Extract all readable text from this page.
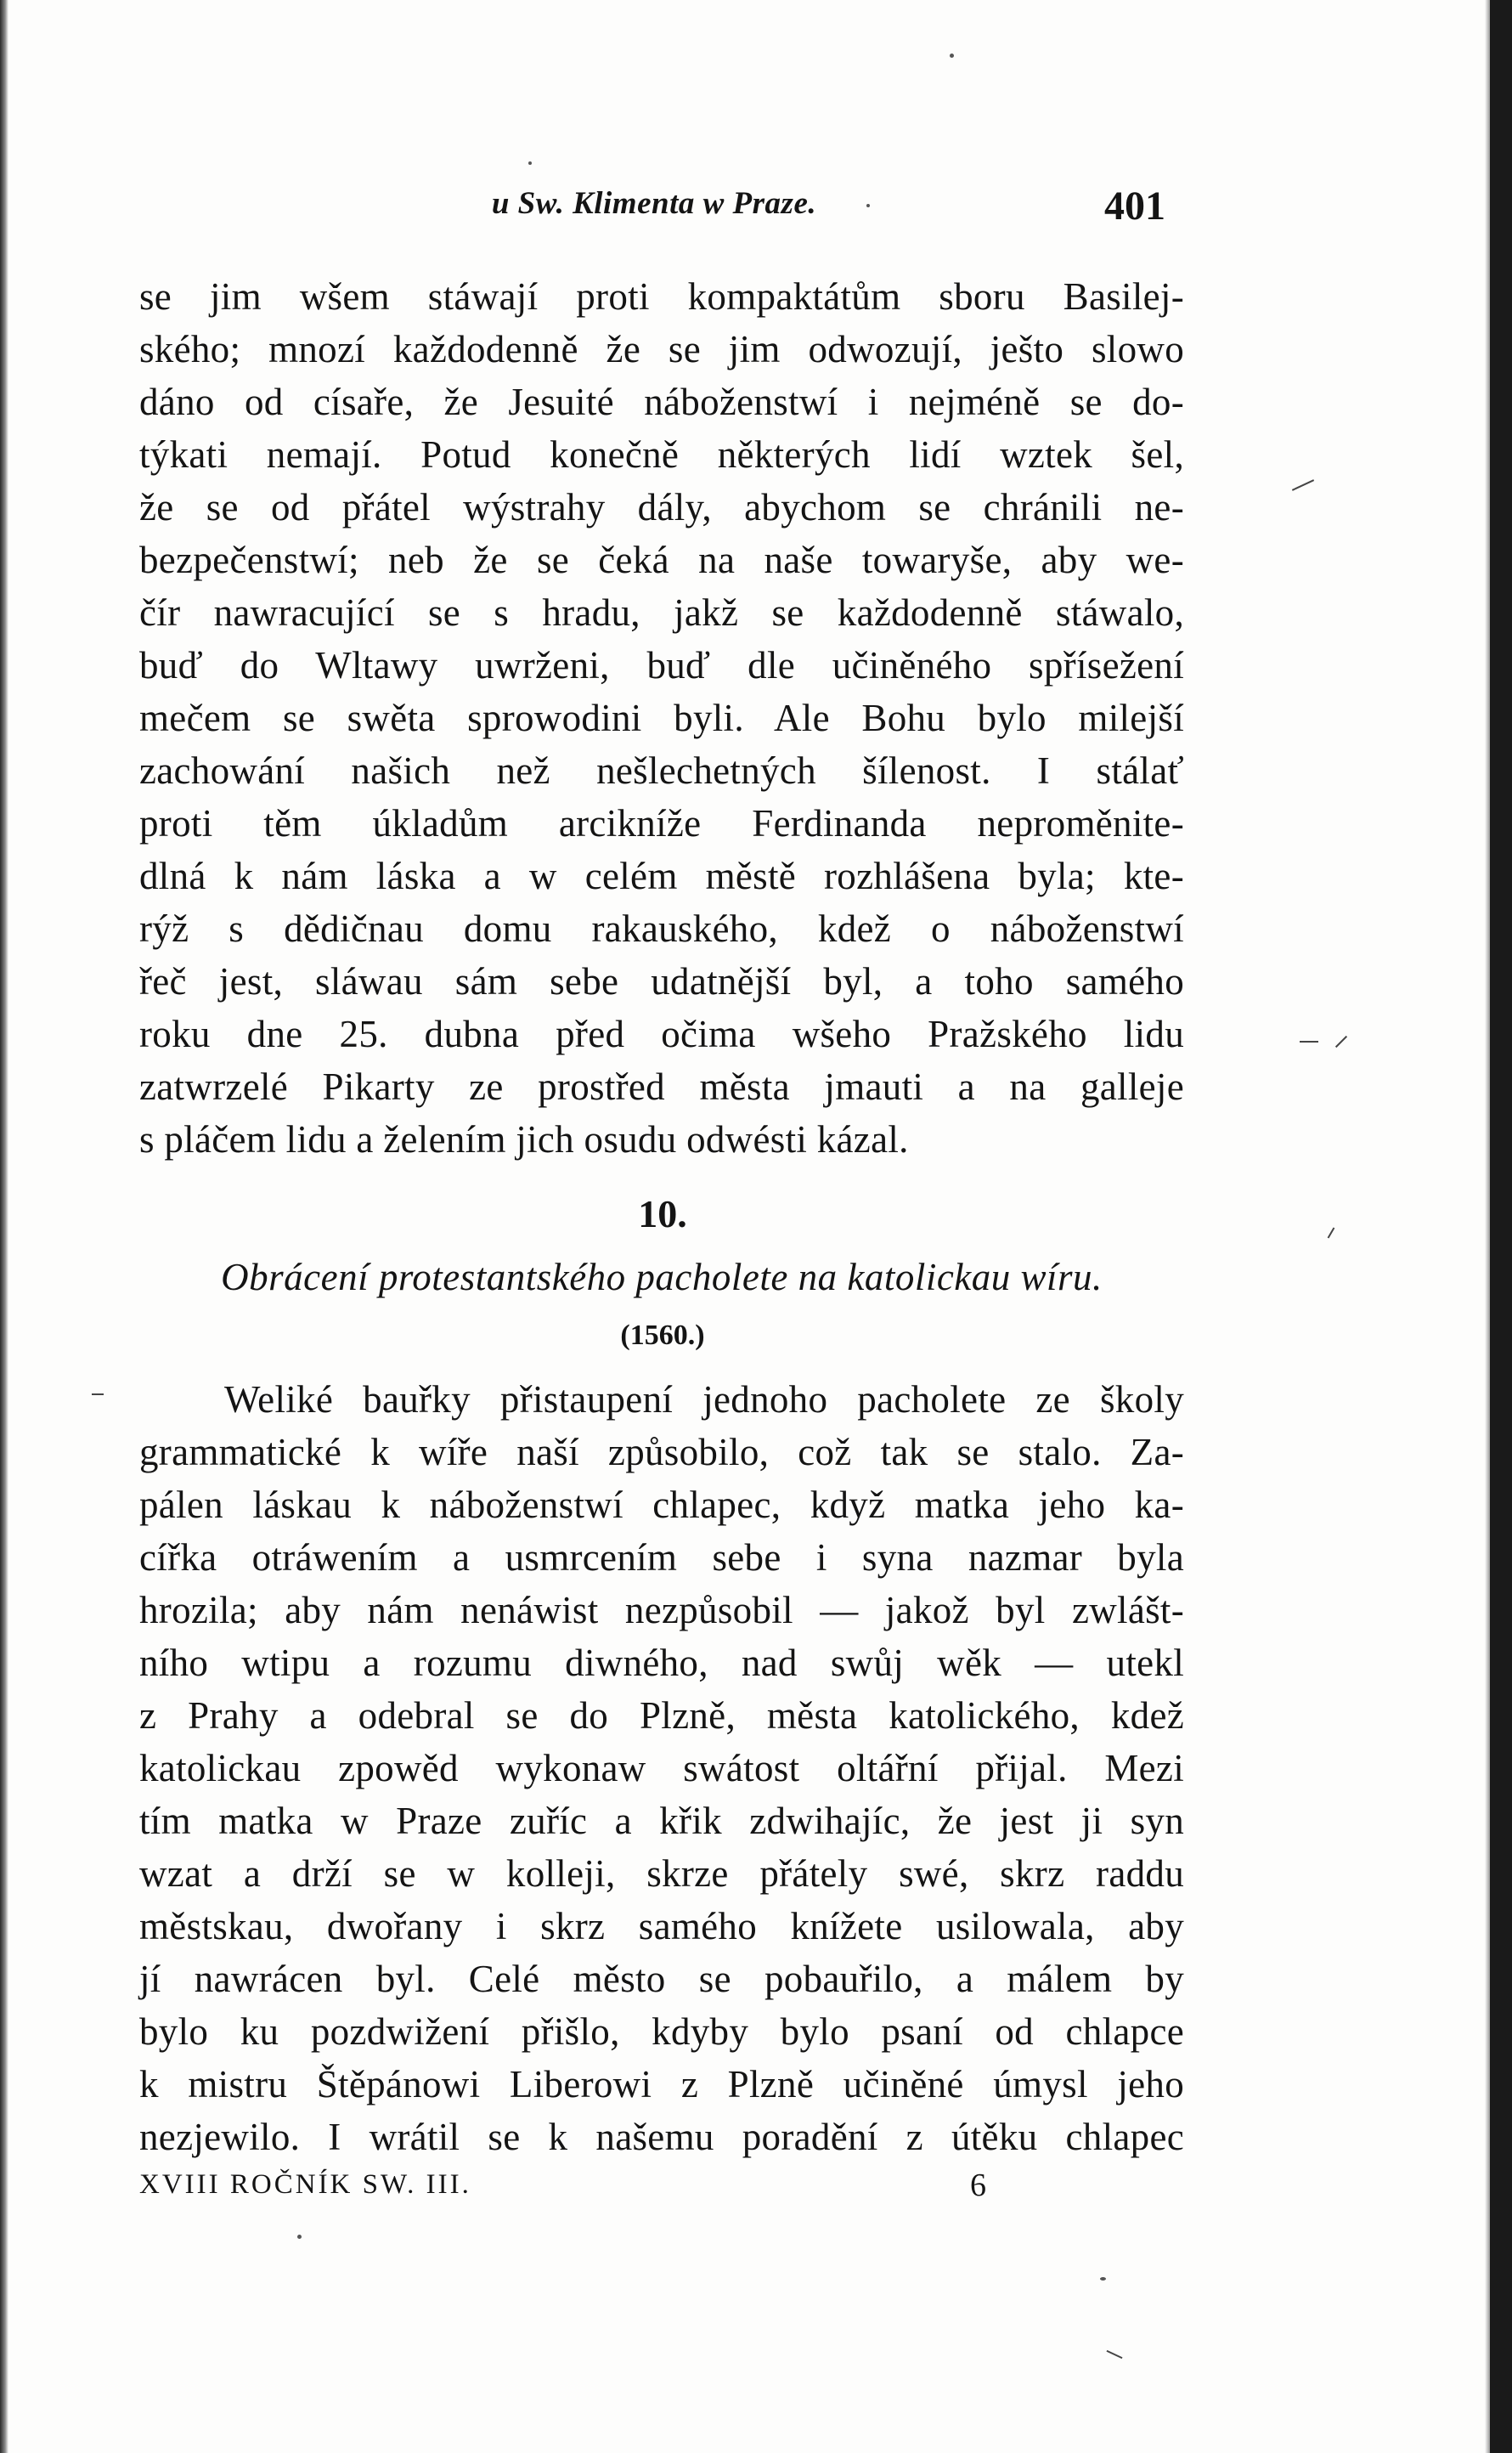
u Sw. Klimenta w Praze.	401
se jim wšem stáwají proti kompaktátům sboru Basilej-
ského; mnozí každodenně že se jim odwozují, ješto slowo
dáno od císaře, že Jesuité náboženstwí i nejméně se do-
týkati nemají. Potud konečně některých lidí wztek šel,
že se od přátel wýstrahy dály, abychom se chránili ne-
bezpečenstwí; neb že se čeká na naše towaryše, aby we-
čír nawracující se s hradu, jakž se každodenně stáwalo,
buď do Wltawy uwrženi, buď dle učiněného spřísežení
mečem se swěta sprowodini byli. Ale Bohu bylo milejší
zachowání našich než nešlechetných šílenost. I stálať
proti těm úkladům arcikníže Ferdinanda neproměnite-
dlná k nám láska a w celém městě rozhlášena byla; kte-
rýž s dědičnau domu rakauského, kdež o náboženstwí
řeč jest, sláwau sám sebe udatnější byl, a toho samého
roku dne 25. dubna před očima wšeho Pražského lidu
zatwrzelé Pikarty ze prostřed města jmauti a na galleje
s pláčem lidu a želením jich osudu odwésti kázal.
10.
Obrácení protestantského pacholete na katolickau wíru.
(1560.)
Weliké bauřky přistaupení jednoho pacholete ze školy
grammatické k wíře naší způsobilo, což tak se stalo. Za-
pálen láskau k náboženstwí chlapec, když matka jeho ka-
cířka otráwením a usmrcením sebe i syna nazmar byla
hrozila; aby nám nenáwist nezpůsobil — jakož byl zwlášt-
ního wtipu a rozumu diwného, nad swůj wěk — utekl
z Prahy a odebral se do Plzně, města katolického, kdež
katolickau zpowěd wykonaw swátost oltářní přijal. Mezi
tím matka w Praze zuříc a křik zdwihajíc, že jest ji syn
wzat a drží se w kolleji, skrze přátely swé, skrz raddu
městskau, dwořany i skrz samého knížete usilowala, aby
jí nawrácen byl. Celé město se pobauřilo, a málem by
bylo ku pozdwižení přišlo, kdyby bylo psaní od chlapce
k mistru Štěpánowi Liberowi z Plzně učiněné úmysl jeho
nezjewilo. I wrátil se k našemu poradění z útěku chlapec
XVIII ROČNÍK SW. III.	6
